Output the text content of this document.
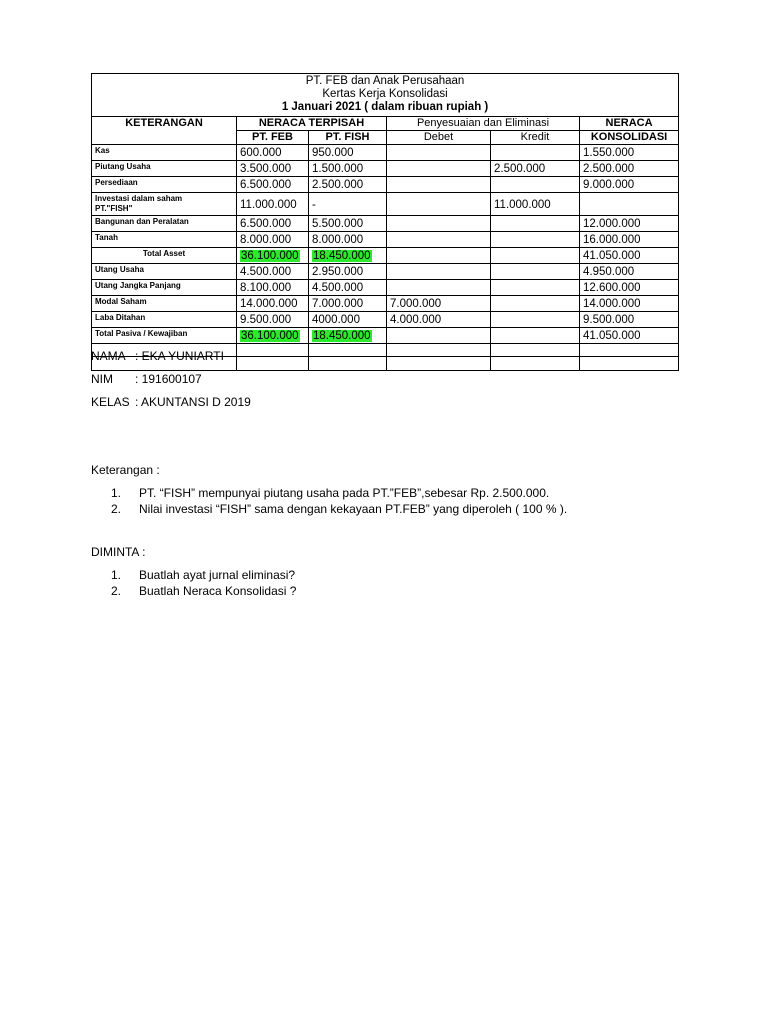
PT. FEB dan Anak Perusahaan
Kertas Kerja Konsolidasi
1 Januari 2021 ( dalam ribuan rupiah )					

KETERANGAN	NERACA TERPISAH		Penyesuaian dan Eliminasi		NERACA
	PT. FEB	PT. FISH	Debet	Kredit	KONSOLIDASI
Kas	600.000	950.000			1.550.000
Piutang Usaha	3.500.000	1.500.000		2.500.000	2.500.000
Persediaan	6.500.000	2.500.000			9.000.000

Investasi dalam saham
PT."FISH"	11.000.000	-		11.000.000	
Bangunan dan Peralatan	6.500.000	5.500.000			12.000.000
Tanah	8.000.000	8.000.000			16.000.000
Total Asset	36.100.000	18.450.000			41.050.000
Utang Usaha	4.500.000	2.950.000			4.950.000
Utang Jangka Panjang	8.100.000	4.500.000			12.600.000
Modal Saham	14.000.000	7.000.000	7.000.000		14.000.000
Laba Ditahan	9.500.000	4000.000	4.000.000		9.500.000
Total Pasiva / Kewajiban	36.100.000	18.450.000			41.050.000

NAMA : EKA YUNIARTI
NIM : 191600107
KELAS : AKUNTANSI D 2019
Keterangan :
1. PT. “FISH” mempunyai piutang usaha pada PT.”FEB”,sebesar Rp. 2.500.000.
2. Nilai investasi “FISH” sama dengan kekayaan PT.FEB” yang diperoleh ( 100 % ).
DIMINTA :
1. Buatlah ayat jurnal eliminasi?
2. Buatlah Neraca Konsolidasi ?
